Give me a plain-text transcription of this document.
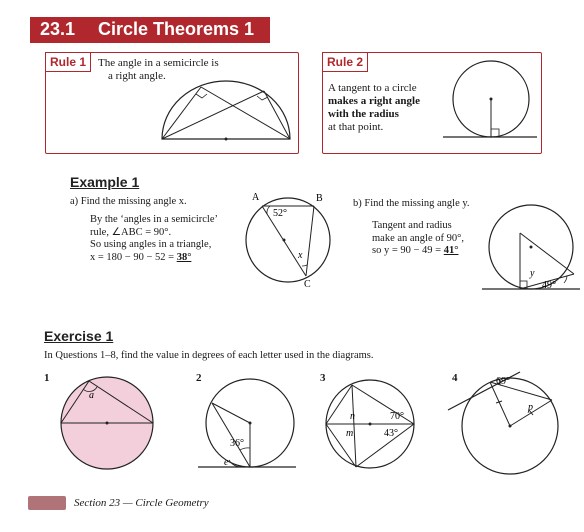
23.1 Circle Theorems 1
Rule 1	The angle in a semicircle is
a right angle.
Rule 2
A tangent to a circle
makes a right angle
with the radius
at that point.
Example 1
a) Find the missing angle x.
By the ‘angles in a semicircle’
rule, ∠ABC = 90°.
So using angles in a triangle,
x = 180 − 90 − 52 = 38°
A	B
C
52°
x
b) Find the missing angle y.
Tangent and radius
make an angle of 90°,
so y = 90 − 49 = 41°
y
49°
Exercise 1
In Questions 1–8, find the value in degrees of each letter used in the diagrams.
1
a
2
36°
e
3
n
m
70°
43°
4	69°
p
Section 23 — Circle Geometry
